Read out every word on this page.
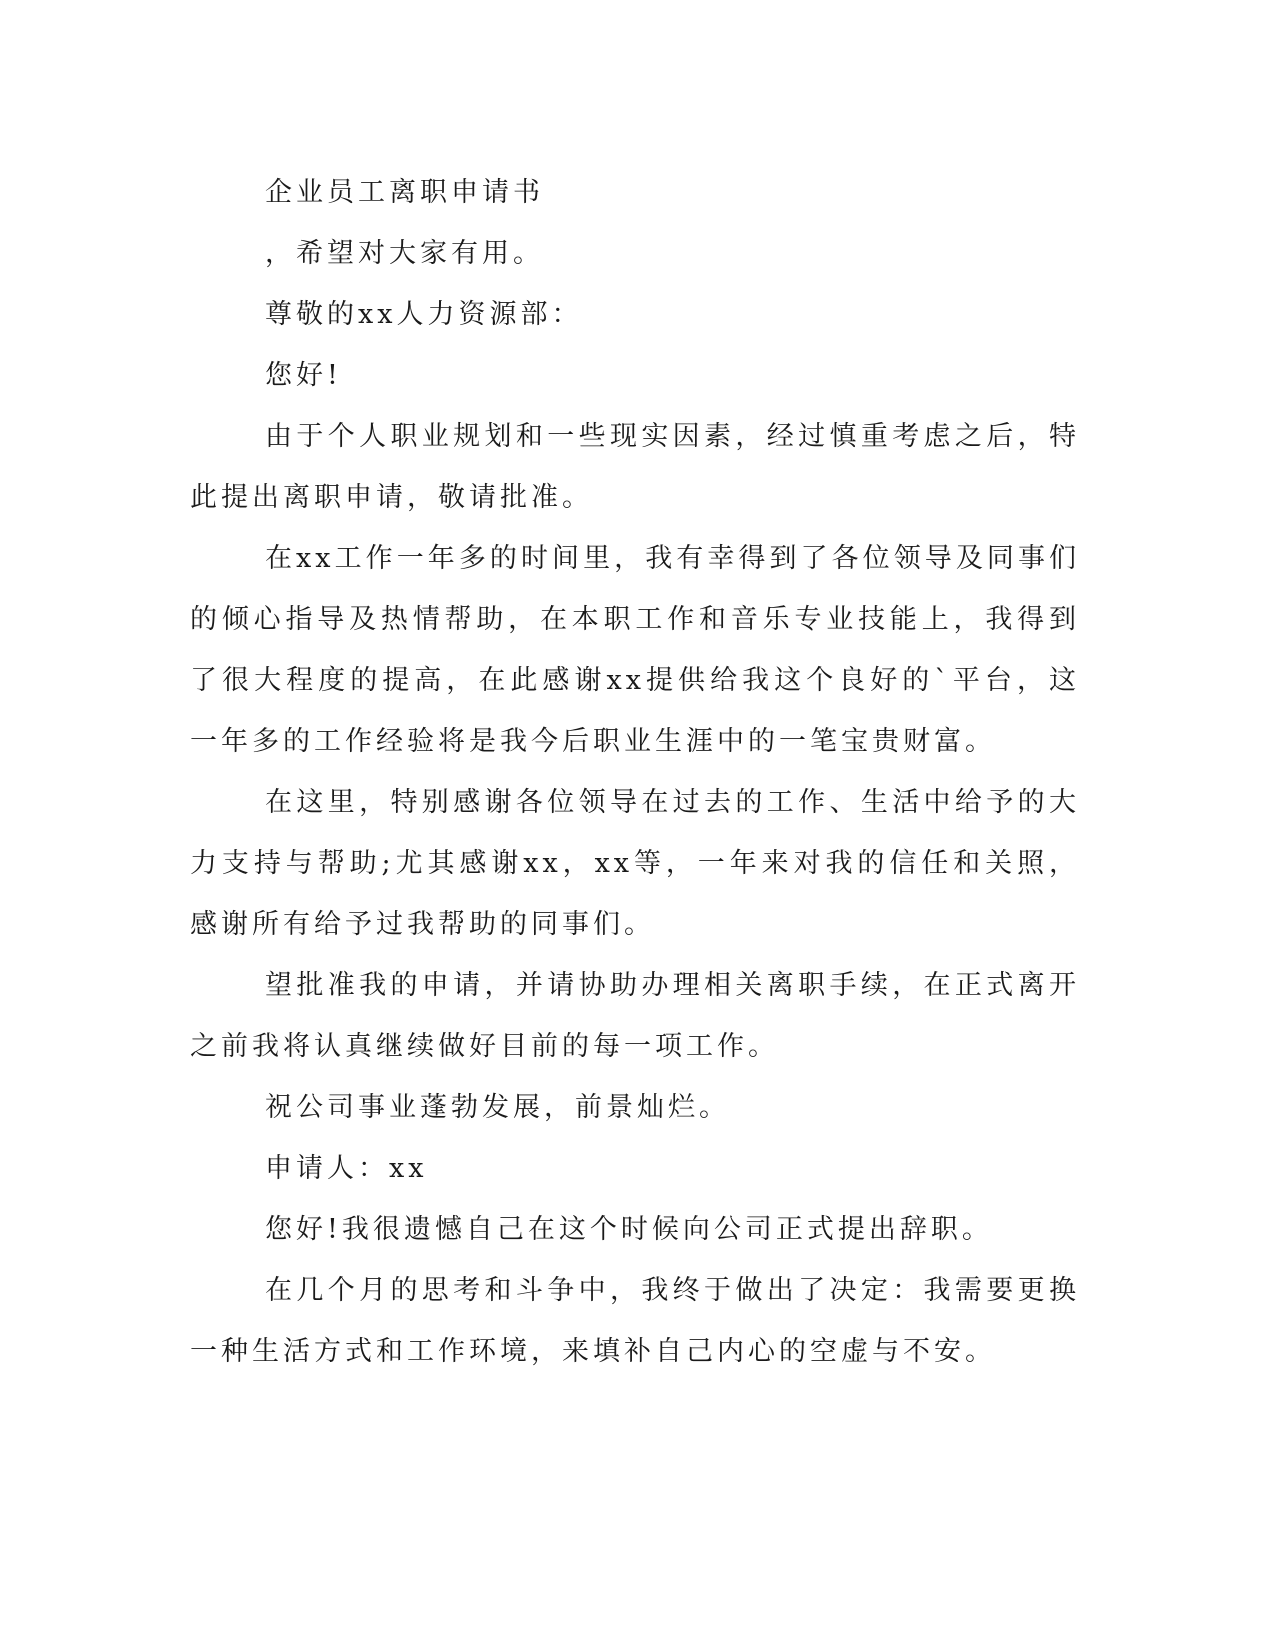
企业员工离职申请书

，希望对大家有用。

尊敬的xx人力资源部：

您好!

由于个人职业规划和一些现实因素，经过慎重考虑之后，特此提出离职申请，敬请批准。

在xx工作一年多的时间里，我有幸得到了各位领导及同事们的倾心指导及热情帮助，在本职工作和音乐专业技能上，我得到了很大程度的提高，在此感谢xx提供给我这个良好的`平台，这一年多的工作经验将是我今后职业生涯中的一笔宝贵财富。

在这里，特别感谢各位领导在过去的工作、生活中给予的大力支持与帮助;尤其感谢xx，xx等，一年来对我的信任和关照，感谢所有给予过我帮助的同事们。

望批准我的申请，并请协助办理相关离职手续，在正式离开之前我将认真继续做好目前的每一项工作。

祝公司事业蓬勃发展，前景灿烂。

申请人：xx

您好!我很遗憾自己在这个时候向公司正式提出辞职。

在几个月的思考和斗争中，我终于做出了决定：我需要更换一种生活方式和工作环境，来填补自己内心的空虚与不安。
